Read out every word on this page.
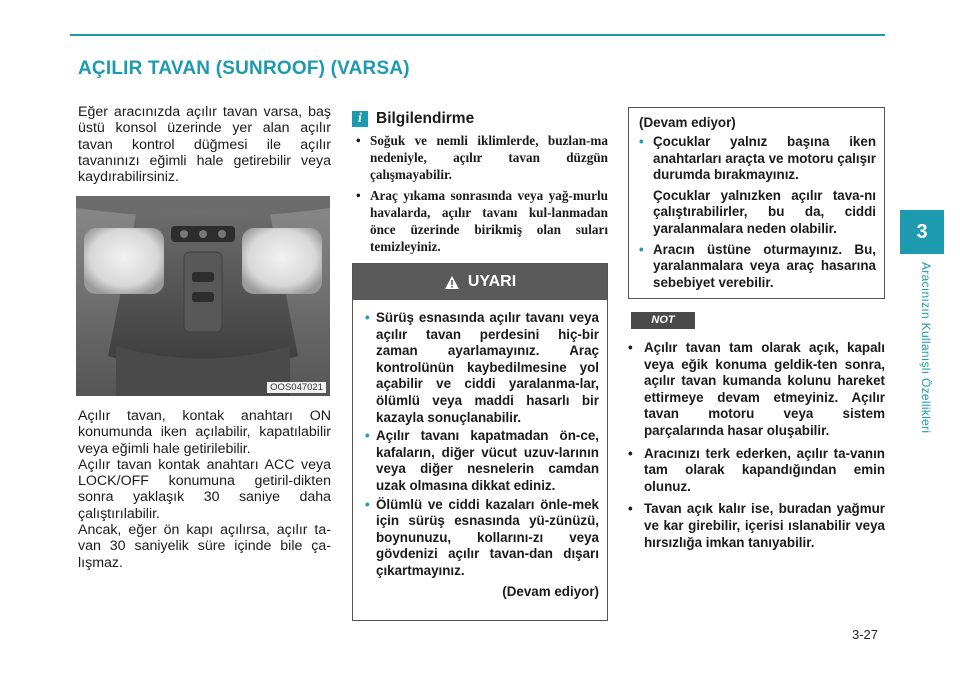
AÇILIR TAVAN (SUNROOF) (VARSA)

Eğer aracınızda açılır tavan varsa, baş üstü konsol üzerinde yer alan açılır tavan kontrol düğmesi ile açılır tavanınızı eğimli hale getirebilir veya kaydırabilirsiniz.

OOS047021

Açılır tavan, kontak anahtarı ON konumunda iken açılabilir, kapatılabilir veya eğimli hale getirilebilir.

Açılır tavan kontak anahtarı ACC veya LOCK/OFF konumuna getiril-dikten sonra yaklaşık 30 saniye daha çalıştırılabilir.

Ancak, eğer ön kapı açılırsa, açılır ta-van 30 saniyelik süre içinde bile ça-lışmaz.

i Bilgilendirme
• Soğuk ve nemli iklimlerde, buzlan-ma nedeniyle, açılır tavan düzgün çalışmayabilir.
• Araç yıkama sonrasında veya yağ-murlu havalarda, açılır tavanı kul-lanmadan önce üzerinde birikmiş olan suları temizleyiniz.
UYARI
• Sürüş esnasında açılır tavanı veya açılır tavan perdesini hiç-bir zaman ayarlamayınız. Araç kontrolünün kaybedilmesine yol açabilir ve ciddi yaralanma-lar, ölümlü veya maddi hasarlı bir kazayla sonuçlanabilir.
• Açılır tavanı kapatmadan ön-ce, kafaların, diğer vücut uzuv-larının veya diğer nesnelerin camdan uzak olmasına dikkat ediniz.
• Ölümlü ve ciddi kazaları önle-mek için sürüş esnasında yü-zünüzü, boynunuzu, kollarını-zı veya gövdenizi açılır tavan-dan dışarı çıkartmayınız.
(Devam ediyor)
(Devam ediyor)
• Çocuklar yalnız başına iken anahtarları araçta ve motoru çalışır durumda bırakmayınız.

Çocuklar yalnızken açılır tava-nı çalıştırabilirler, bu da, ciddi yaralanmalara neden olabilir.

• Aracın üstüne oturmayınız. Bu, yaralanmalara veya araç hasarına sebebiyet verebilir.

NOT
• Açılır tavan tam olarak açık, kapalı veya eğik konuma geldik-ten sonra, açılır tavan kumanda kolunu hareket ettirmeye devam etmeyiniz. Açılır tavan motoru veya sistem parçalarında hasar oluşabilir.
• Aracınızı terk ederken, açılır ta-vanın tam olarak kapandığından emin olunuz.
• Tavan açık kalır ise, buradan yağmur ve kar girebilir, içerisi ıslanabilir veya hırsızlığa imkan tanıyabilir.
3
Aracınızın Kullanışlı Özellikleri
3-27
